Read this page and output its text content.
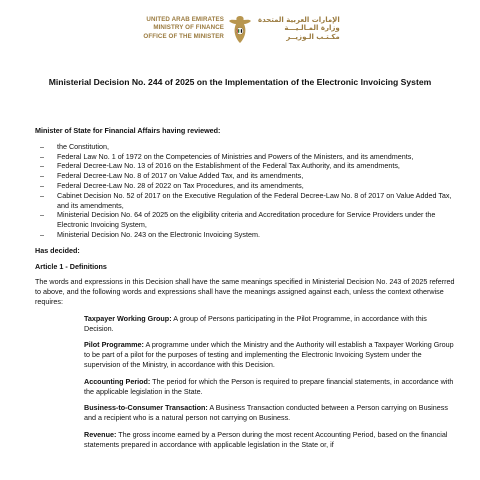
UNITED ARAB EMIRATES
MINISTRY OF FINANCE
OFFICE OF THE MINISTER
الإمارات العربية المتحدة
وزارة المـالـيـــة
مكـتـب الـوزيــر
Ministerial Decision No. 244 of 2025 on the Implementation of the Electronic Invoicing System
Minister of State for Financial Affairs having reviewed:
– the Constitution,
– Federal Law No. 1 of 1972 on the Competencies of Ministries and Powers of the Ministers, and its amendments,
– Federal Decree-Law No. 13 of 2016 on the Establishment of the Federal Tax Authority, and its amendments,
– Federal Decree-Law No. 8 of 2017 on Value Added Tax, and its amendments,
– Federal Decree-Law No. 28 of 2022 on Tax Procedures, and its amendments,
– Cabinet Decision No. 52 of 2017 on the Executive Regulation of the Federal Decree-Law No. 8 of 2017 on Value Added Tax, and its amendments,
– Ministerial Decision No. 64 of 2025 on the eligibility criteria and Accreditation procedure for Service Providers under the Electronic Invoicing System,
– Ministerial Decision No. 243 on the Electronic Invoicing System.
Has decided:
Article 1 - Definitions
The words and expressions in this Decision shall have the same meanings specified in Ministerial Decision No. 243 of 2025 referred to above, and the following words and expressions shall have the meanings assigned against each, unless the context otherwise requires:
Taxpayer Working Group: A group of Persons participating in the Pilot Programme, in accordance with this Decision.
Pilot Programme: A programme under which the Ministry and the Authority will establish a Taxpayer Working Group to be part of a pilot for the purposes of testing and implementing the Electronic Invoicing System under the supervision of the Ministry, in accordance with this Decision.
Accounting Period: The period for which the Person is required to prepare financial statements, in accordance with the applicable legislation in the State.
Business-to-Consumer Transaction: A Business Transaction conducted between a Person carrying on Business and a recipient who is a natural person not carrying on Business.
Revenue: The gross income earned by a Person during the most recent Accounting Period, based on the financial statements prepared in accordance with applicable legislation in the State or, if
